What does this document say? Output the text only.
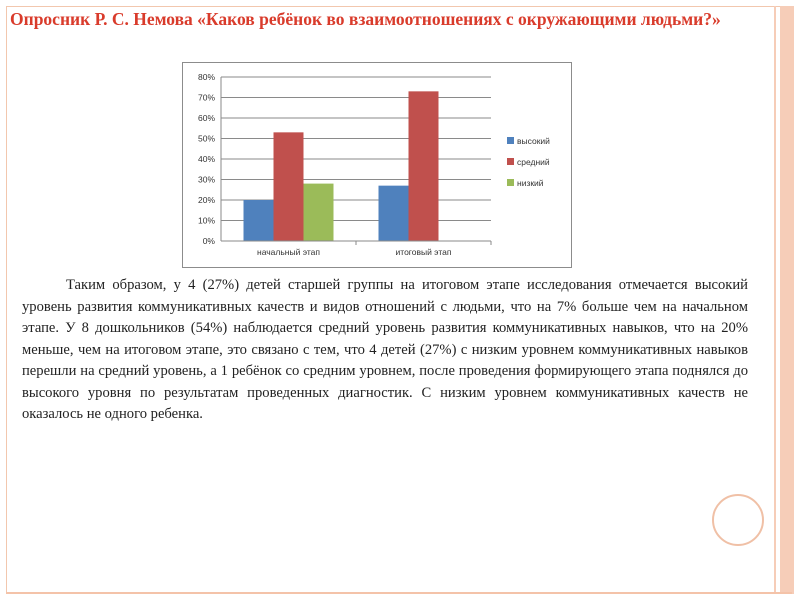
Опросник Р. С. Немова «Каков ребёнок во взаимоотношениях с окружающими людьми?»
0%
10%
20%
30%
40%
50%
60%
70%
80%
начальный этап	итоговый этап
высокий
средний
низкий

Таким образом, у 4 (27%) детей старшей группы на итоговом этапе исследования отмечается высокий уровень развития коммуникативных качеств и видов отношений с людьми, что на 7% больше чем на начальном этапе. У 8 дошкольников (54%) наблюдается средний уровень развития коммуникативных навыков, что на 20% меньше, чем на итоговом этапе, это связано с тем, что 4 детей (27%) с низким уровнем коммуникативных навыков перешли на средний уровень, а 1 ребёнок со средним уровнем, после проведения формирующего этапа поднялся до высокого уровня по результатам проведенных диагностик. С низким уровнем коммуникативных качеств не оказалось не одного ребенка.
